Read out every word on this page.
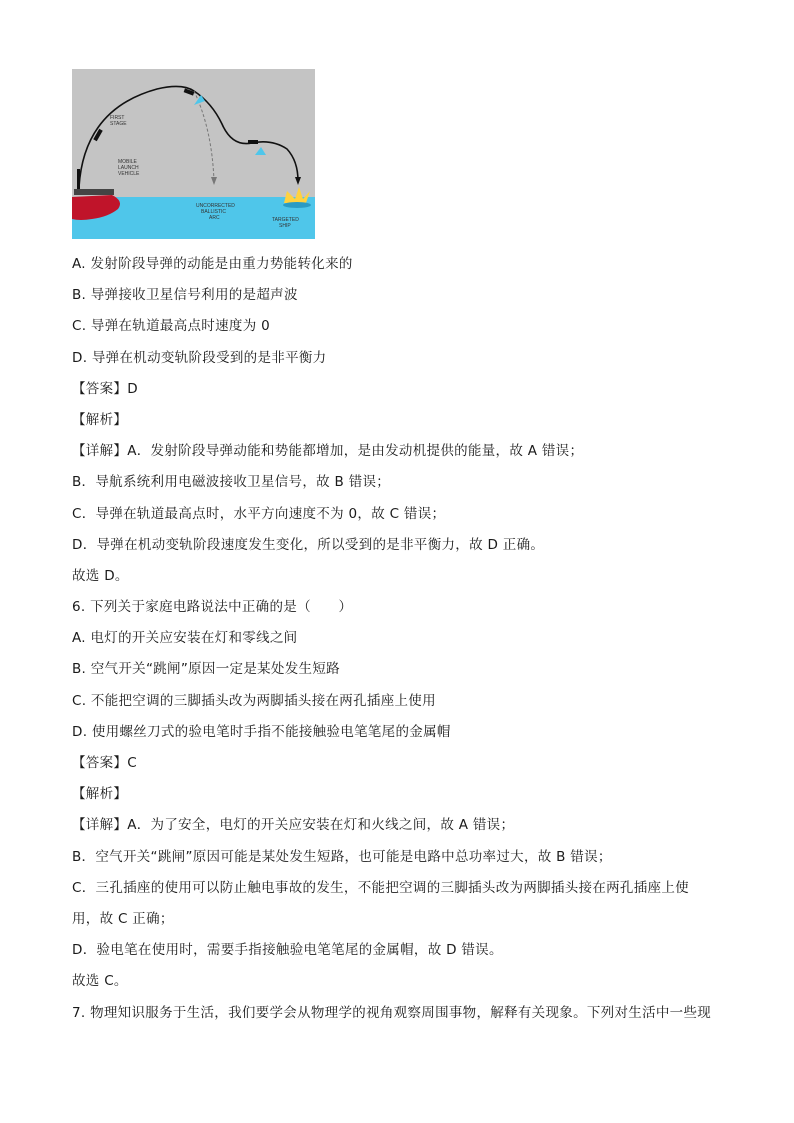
FIRST
STAGE
MOBILE
LAUNCH
VEHICLE
UNCORRECTED
BALLISTIC
ARC	TARGETED
SHIP
A. 发射阶段导弹的动能是由重力势能转化来的
B. 导弹接收卫星信号利用的是超声波
C. 导弹在轨道最高点时速度为 0
D. 导弹在机动变轨阶段受到的是非平衡力
【答案】D
【解析】
【详解】A．发射阶段导弹动能和势能都增加，是由发动机提供的能量，故 A 错误；
B．导航系统利用电磁波接收卫星信号，故 B 错误；
C．导弹在轨道最高点时，水平方向速度不为 0，故 C 错误；
D．导弹在机动变轨阶段速度发生变化，所以受到的是非平衡力，故 D 正确。
故选 D。
6. 下列关于家庭电路说法中正确的是（　　）
A. 电灯的开关应安装在灯和零线之间
B. 空气开关“跳闸”原因一定是某处发生短路
C. 不能把空调的三脚插头改为两脚插头接在两孔插座上使用
D. 使用螺丝刀式的验电笔时手指不能接触验电笔笔尾的金属帽
【答案】C
【解析】
【详解】A．为了安全，电灯的开关应安装在灯和火线之间，故 A 错误；
B．空气开关“跳闸”原因可能是某处发生短路，也可能是电路中总功率过大，故 B 错误；
C．三孔插座的使用可以防止触电事故的发生，不能把空调的三脚插头改为两脚插头接在两孔插座上使
用，故 C 正确；
D．验电笔在使用时，需要手指接触验电笔笔尾的金属帽，故 D 错误。
故选 C。
7. 物理知识服务于生活，我们要学会从物理学的视角观察周围事物，解释有关现象。下列对生活中一些现
